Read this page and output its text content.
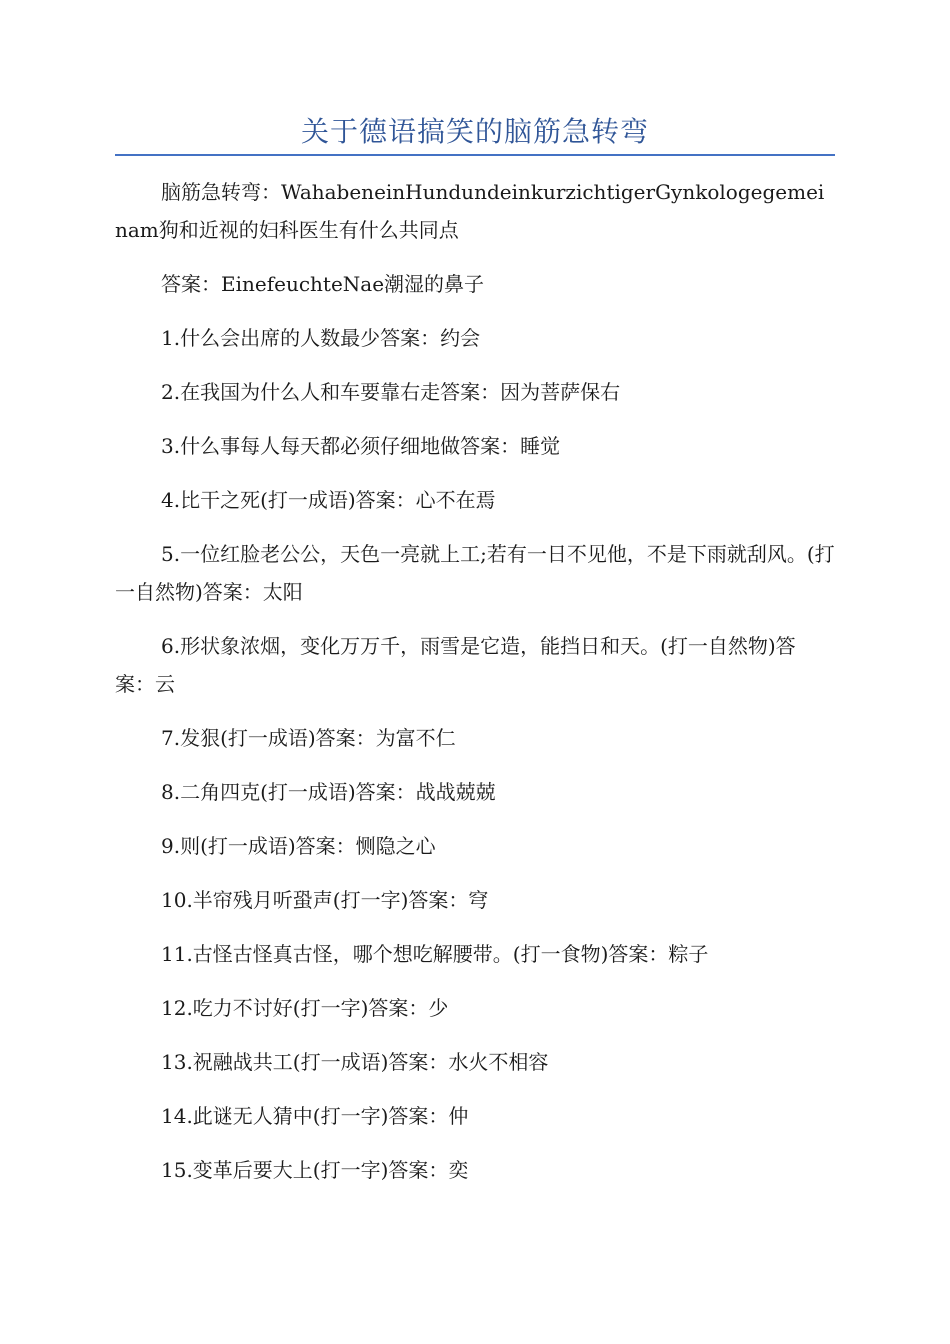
关于德语搞笑的脑筋急转弯

脑筋急转弯：WahabeneinHundundeinkurzichtigerGynkologegemeinam狗和近视的妇科医生有什么共同点

答案：EinefeuchteNae潮湿的鼻子

1.什么会出席的人数最少答案：约会

2.在我国为什么人和车要靠右走答案：因为菩萨保右

3.什么事每人每天都必须仔细地做答案：睡觉

4.比干之死(打一成语)答案：心不在焉

5.一位红脸老公公，天色一亮就上工;若有一日不见他，不是下雨就刮风。(打一自然物)答案：太阳

6.形状象浓烟，变化万万千，雨雪是它造，能挡日和天。(打一自然物)答案：云

7.发狠(打一成语)答案：为富不仁

8.二角四克(打一成语)答案：战战兢兢

9.则(打一成语)答案：恻隐之心

10.半帘残月听蛩声(打一字)答案：穹

11.古怪古怪真古怪，哪个想吃解腰带。(打一食物)答案：粽子

12.吃力不讨好(打一字)答案：少

13.祝融战共工(打一成语)答案：水火不相容

14.此谜无人猜中(打一字)答案：仲

15.变革后要大上(打一字)答案：奕
